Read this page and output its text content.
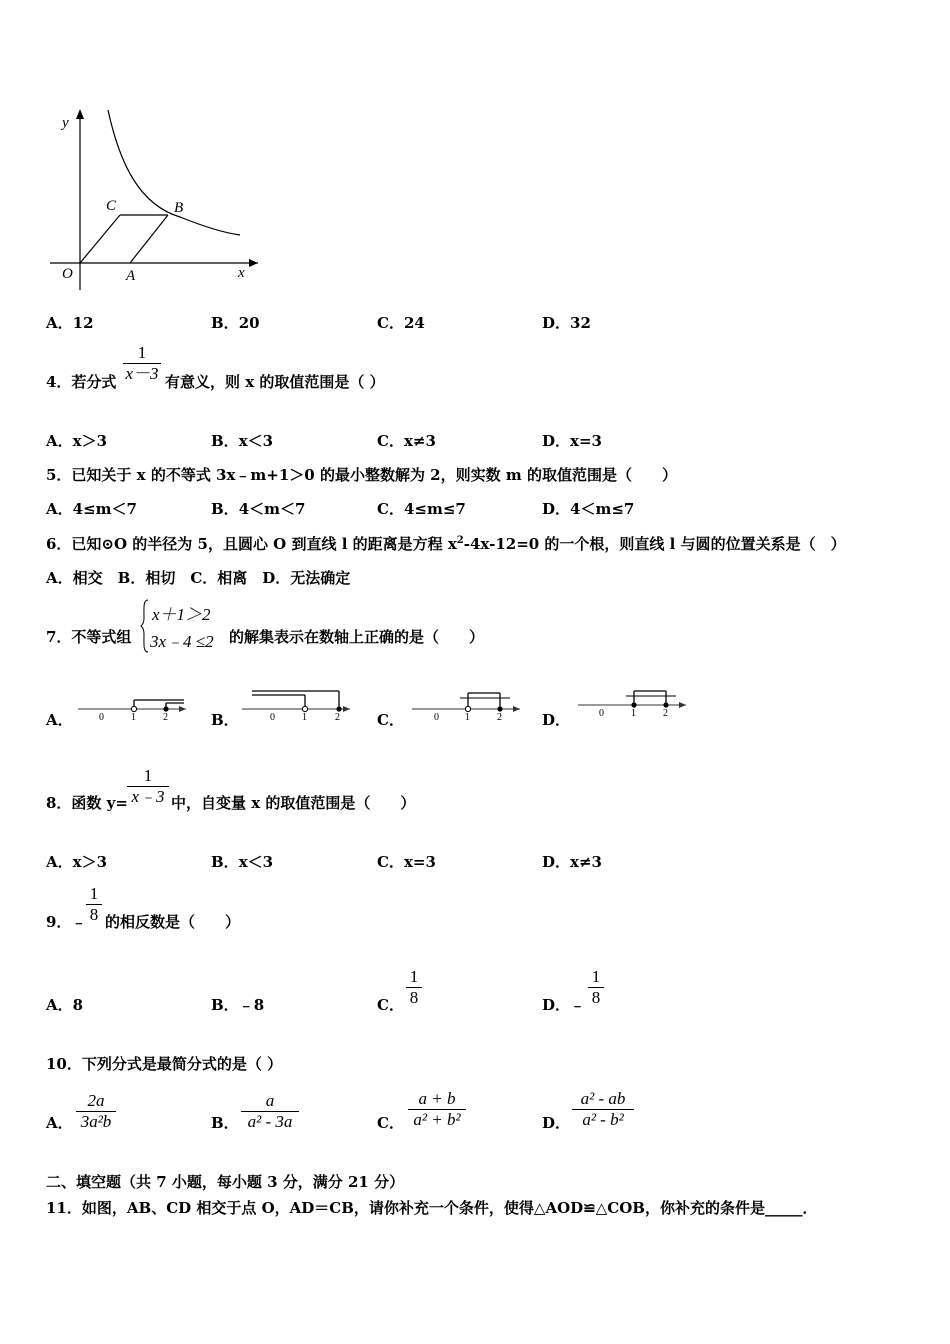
y
x
O	A
B
C
A．12	B．20	C．24	D．32
4．若分式
1
x－3 有意义，则 x 的取值范围是（ ）
A．x＞3	B．x＜3	C．x≠3	D．x=3
5．已知关于 x 的不等式 3x﹣m+1＞0 的最小整数解为 2，则实数 m 的取值范围是（　　）
A．4≤m＜7	B．4＜m＜7	C．4≤m≤7	D．4＜m≤7
6．已知⊙O 的半径为 5，且圆心 O 到直线 l 的距离是方程 $x^2-4x-12=0$ 的一个根，则直线 l 与圆的位置关系是（　）
A．相交　B．相切　C．相离　D．无法确定
7．不等式组
x＋1＞2
3x﹣4 ≤2 的解集表示在数轴上正确的是（　　）
A．	0	1	2	B．	0	1	2 C．	0	1	2	D．	0	1	2
8．函数 y=
1
x﹣3 中，自变量 x 的取值范围是（　　）
A．x＞3	B．x＜3	C．x=3	D．x≠3
9．﹣
1
8 的相反数是（　　）
A．8	B．﹣8	C．
1
8	D．﹣
1
8
10．下列分式是最简分式的是（ ）
A．
2a
3a²b	B．
a
a² - 3a	C．
a + b
a² + b²	D．
a² - ab
a² - b²
二、填空题（共 7 小题，每小题 3 分，满分 21 分）
11．如图，AB、CD 相交于点 O，AD＝CB，请你补充一个条件，使得△AOD≌△COB，你补充的条件是_____．
